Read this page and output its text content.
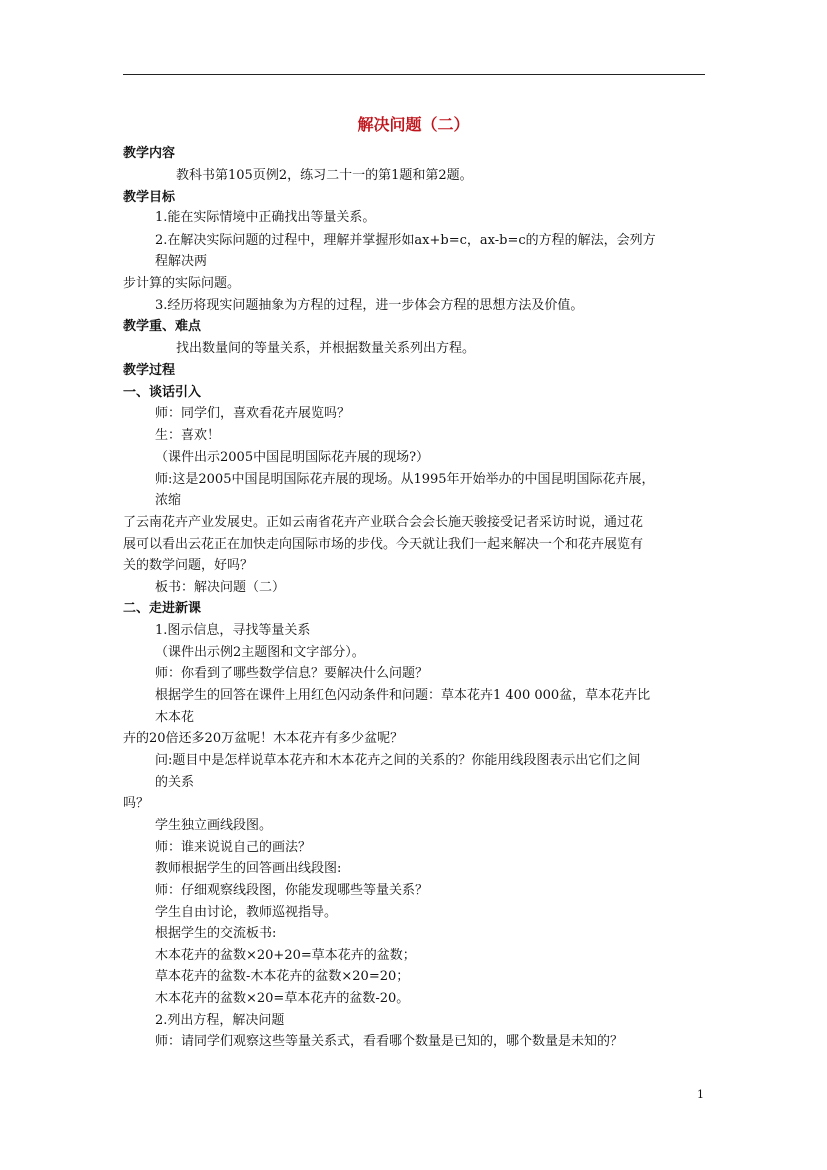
解决问题（二）
教学内容
教科书第105页例2，练习二十一的第1题和第2题。
教学目标
1.能在实际情境中正确找出等量关系。
2.在解决实际问题的过程中，理解并掌握形如ax+b=c，ax-b=c的方程的解法，会列方
程解决两
步计算的实际问题。
3.经历将现实问题抽象为方程的过程，进一步体会方程的思想方法及价值。
教学重、难点
找出数量间的等量关系，并根据数量关系列出方程。
教学过程
一、谈话引入
师：同学们，喜欢看花卉展览吗？
生：喜欢！
（课件出示2005中国昆明国际花卉展的现场?）
师:这是2005中国昆明国际花卉展的现场。从1995年开始举办的中国昆明国际花卉展，
浓缩
了云南花卉产业发展史。正如云南省花卉产业联合会会长施天骏接受记者采访时说，通过花
展可以看出云花正在加快走向国际市场的步伐。今天就让我们一起来解决一个和花卉展览有
关的数学问题，好吗？
板书：解决问题（二）
二、走进新课
1.图示信息，寻找等量关系
（课件出示例2主题图和文字部分）。
师：你看到了哪些数学信息？要解决什么问题？
根据学生的回答在课件上用红色闪动条件和问题：草本花卉1 400 000盆，草本花卉比
木本花
卉的20倍还多20万盆呢！木本花卉有多少盆呢？
问:题目中是怎样说草本花卉和木本花卉之间的关系的？你能用线段图表示出它们之间
的关系
吗？
学生独立画线段图。
师：谁来说说自己的画法？
教师根据学生的回答画出线段图:
师：仔细观察线段图，你能发现哪些等量关系？
学生自由讨论，教师巡视指导。
根据学生的交流板书:
木本花卉的盆数×20+20=草本花卉的盆数；
草本花卉的盆数-木本花卉的盆数×20=20；
木本花卉的盆数×20=草本花卉的盆数-20。
2.列出方程，解决问题
师：请同学们观察这些等量关系式，看看哪个数量是已知的，哪个数量是未知的？
1
